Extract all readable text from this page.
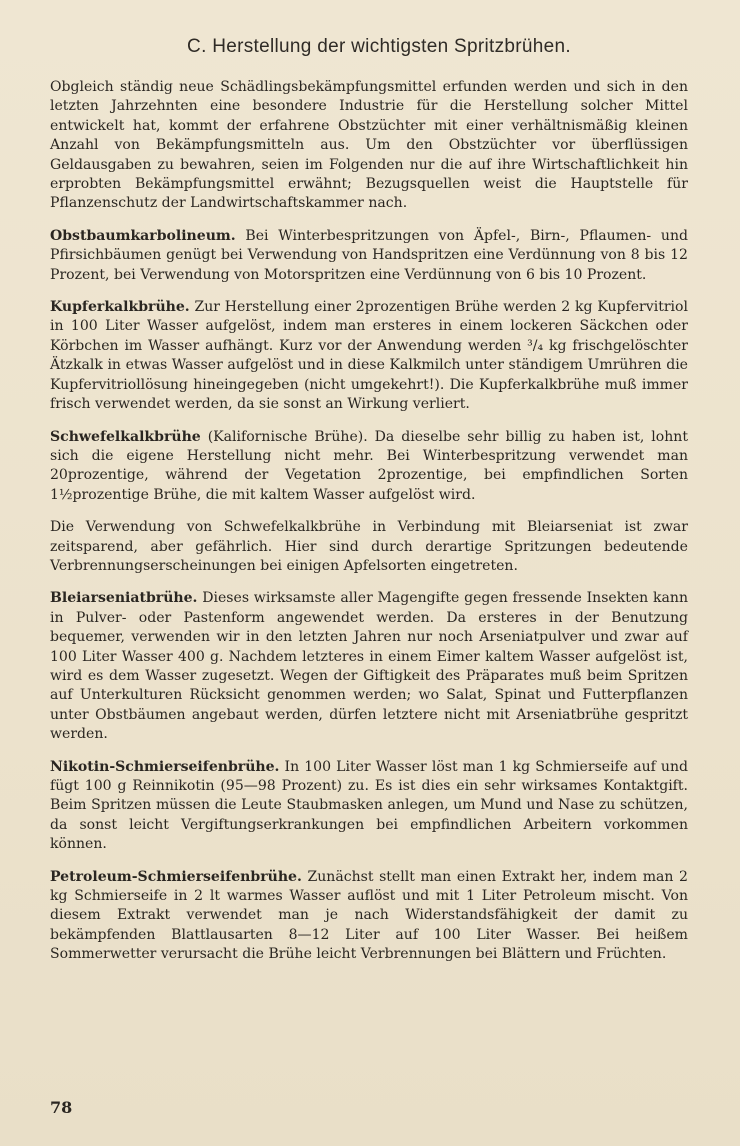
C. Herstellung der wichtigsten Spritzbrühen.

Obgleich ständig neue Schädlingsbekämpfungsmittel erfunden werden und sich in den letzten Jahrzehnten eine besondere Industrie für die Herstellung solcher Mittel entwickelt hat, kommt der erfahrene Obstzüchter mit einer verhältnismäßig kleinen Anzahl von Bekämpfungsmitteln aus. Um den Obstzüchter vor überflüssigen Geldausgaben zu bewahren, seien im Folgenden nur die auf ihre Wirtschaftlichkeit hin erprobten Bekämpfungsmittel erwähnt; Bezugsquellen weist die Hauptstelle für Pflanzenschutz der Landwirtschaftskammer nach.

Obstbaumkarbolineum. Bei Winterbespritzungen von Äpfel-, Birn-, Pflaumen- und Pfirsichbäumen genügt bei Verwendung von Handspritzen eine Verdünnung von 8 bis 12 Prozent, bei Verwendung von Motorspritzen eine Verdünnung von 6 bis 10 Prozent.

Kupferkalkbrühe. Zur Herstellung einer 2prozentigen Brühe werden 2 kg Kupfervitriol in 100 Liter Wasser aufgelöst, indem man ersteres in einem lockeren Säckchen oder Körbchen im Wasser aufhängt. Kurz vor der Anwendung werden ³/₄ kg frischgelöschter Ätzkalk in etwas Wasser aufgelöst und in diese Kalkmilch unter ständigem Umrühren die Kupfervitriollösung hineingegeben (nicht umgekehrt!). Die Kupferkalkbrühe muß immer frisch verwendet werden, da sie sonst an Wirkung verliert.

Schwefelkalkbrühe (Kalifornische Brühe). Da dieselbe sehr billig zu haben ist, lohnt sich die eigene Herstellung nicht mehr. Bei Winterbespritzung verwendet man 20prozentige, während der Vegetation 2prozentige, bei empfindlichen Sorten 1½prozentige Brühe, die mit kaltem Wasser aufgelöst wird.

Die Verwendung von Schwefelkalkbrühe in Verbindung mit Bleiarseniat ist zwar zeitsparend, aber gefährlich. Hier sind durch derartige Spritzungen bedeutende Verbrennungserscheinungen bei einigen Apfelsorten eingetreten.

Bleiarseniatbrühe. Dieses wirksamste aller Magengifte gegen fressende Insekten kann in Pulver- oder Pastenform angewendet werden. Da ersteres in der Benutzung bequemer, verwenden wir in den letzten Jahren nur noch Arseniatpulver und zwar auf 100 Liter Wasser 400 g. Nachdem letzteres in einem Eimer kaltem Wasser aufgelöst ist, wird es dem Wasser zugesetzt. Wegen der Giftigkeit des Präparates muß beim Spritzen auf Unterkulturen Rücksicht genommen werden; wo Salat, Spinat und Futterpflanzen unter Obstbäumen angebaut werden, dürfen letztere nicht mit Arseniatbrühe gespritzt werden.

Nikotin-Schmierseifenbrühe. In 100 Liter Wasser löst man 1 kg Schmierseife auf und fügt 100 g Reinnikotin (95—98 Prozent) zu. Es ist dies ein sehr wirksames Kontaktgift. Beim Spritzen müssen die Leute Staubmasken anlegen, um Mund und Nase zu schützen, da sonst leicht Vergiftungserkrankungen bei empfindlichen Arbeitern vorkommen können.

Petroleum-Schmierseifenbrühe. Zunächst stellt man einen Extrakt her, indem man 2 kg Schmierseife in 2 lt warmes Wasser auflöst und mit 1 Liter Petroleum mischt. Von diesem Extrakt verwendet man je nach Widerstandsfähigkeit der damit zu bekämpfenden Blattlausarten 8—12 Liter auf 100 Liter Wasser. Bei heißem Sommerwetter verursacht die Brühe leicht Verbrennungen bei Blättern und Früchten.

78
